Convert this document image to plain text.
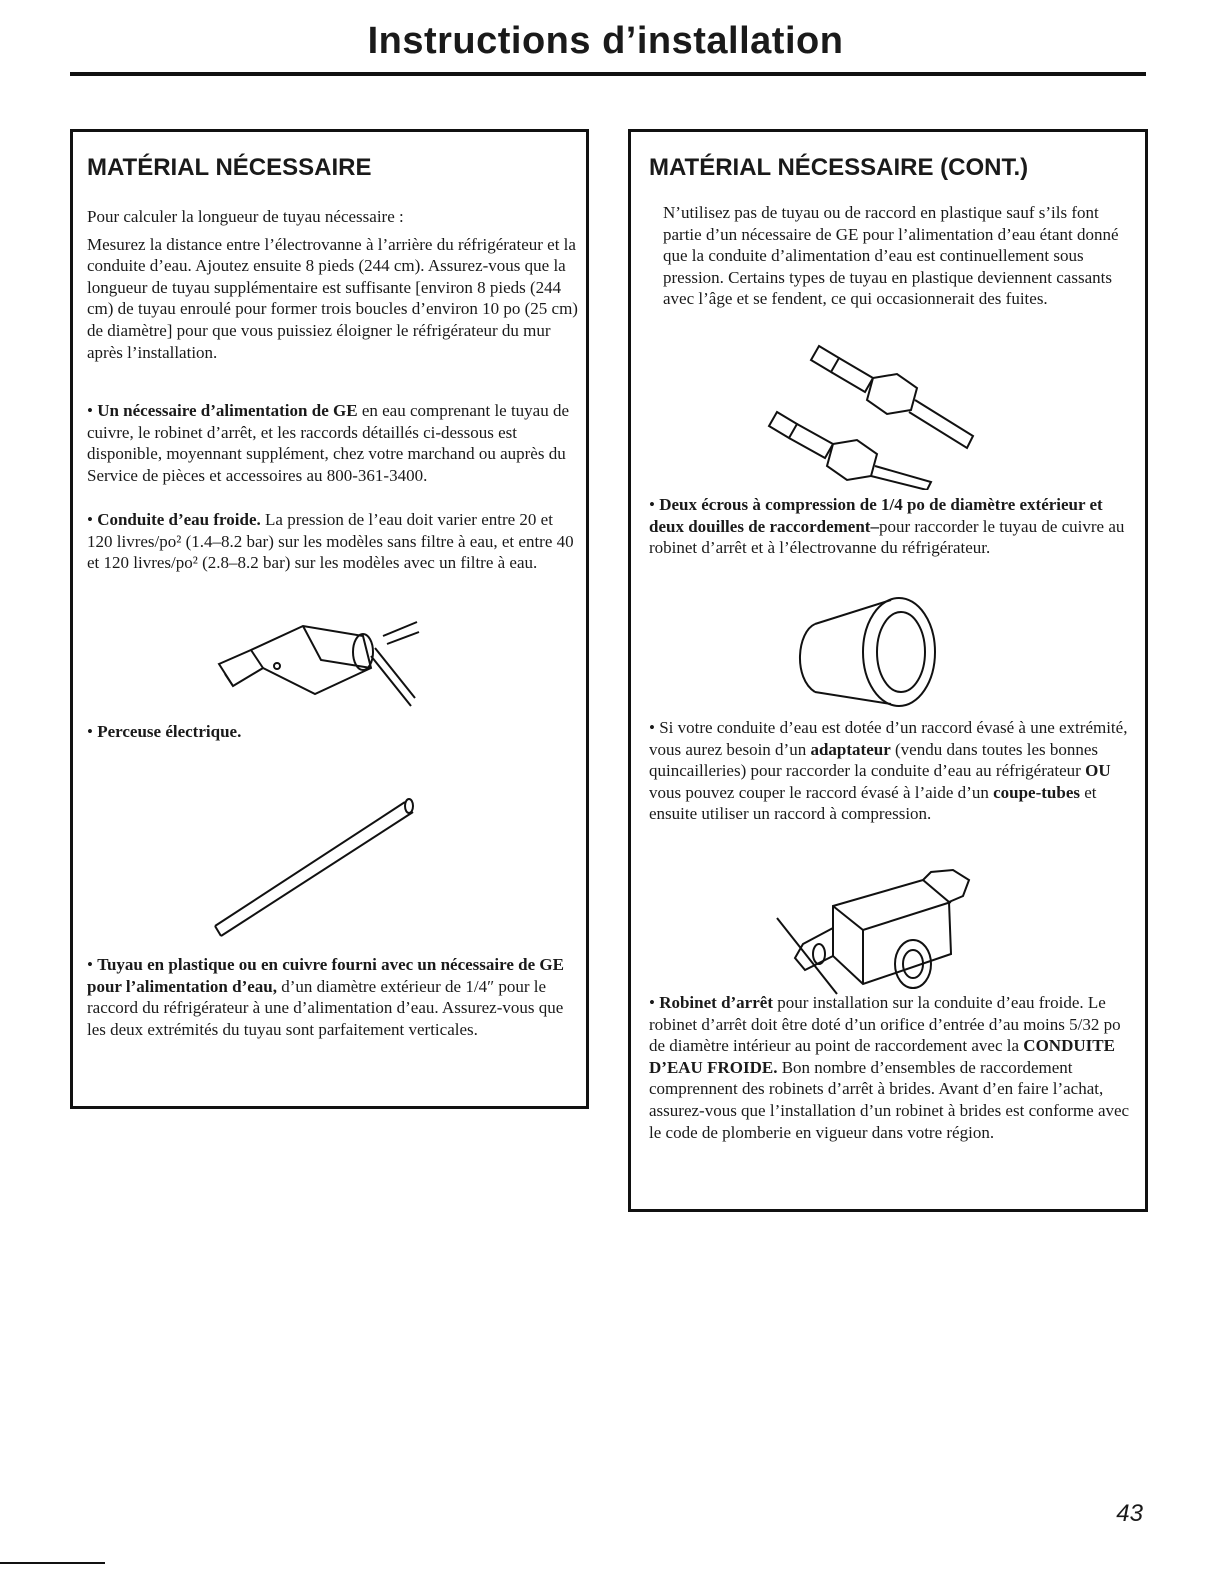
Instructions d’installation
MATÉRIAL NÉCESSAIRE

Pour calculer la longueur de tuyau nécessaire :

Mesurez la distance entre l’électrovanne à l’arrière du réfrigérateur et la conduite d’eau. Ajoutez ensuite 8 pieds (244 cm). Assurez-vous que la longueur de tuyau supplémentaire est suffisante [environ 8 pieds (244 cm) de tuyau enroulé pour former trois boucles d’environ 10 po (25 cm) de diamètre] pour que vous puissiez éloigner le réfrigérateur du mur après l’installation.

• Un nécessaire d’alimentation de GE en eau comprenant le tuyau de cuivre, le robinet d’arrêt, et les raccords détaillés ci-dessous est disponible, moyennant supplément, chez votre marchand ou auprès du Service de pièces et accessoires au 800-361-3400.

• Conduite d’eau froide. La pression de l’eau doit varier entre 20 et 120 livres/po² (1.4–8.2 bar) sur les modèles sans filtre à eau, et entre 40 et 120 livres/po² (2.8–8.2 bar) sur les modèles avec un filtre à eau.

• Perceuse électrique.

• Tuyau en plastique ou en cuivre fourni avec un nécessaire de GE pour l’alimentation d’eau, d’un diamètre extérieur de 1/4″ pour le raccord du réfrigérateur à une d’alimentation d’eau. Assurez-vous que les deux extrémités du tuyau sont parfaitement verticales.

MATÉRIAL NÉCESSAIRE (CONT.)

N’utilisez pas de tuyau ou de raccord en plastique sauf s’ils font partie d’un nécessaire de GE pour l’alimentation d’eau étant donné que la conduite d’alimentation d’eau est continuellement sous pression. Certains types de tuyau en plastique deviennent cassants avec l’âge et se fendent, ce qui occasionnerait des fuites.

• Deux écrous à compression de 1/4 po de diamètre extérieur et deux douilles de raccordement–pour raccorder le tuyau de cuivre au robinet d’arrêt et à l’électrovanne du réfrigérateur.

• Si votre conduite d’eau est dotée d’un raccord évasé à une extrémité, vous aurez besoin d’un adaptateur (vendu dans toutes les bonnes quincailleries) pour raccorder la conduite d’eau au réfrigérateur OU vous pouvez couper le raccord évasé à l’aide d’un coupe-tubes et ensuite utiliser un raccord à compression.

• Robinet d’arrêt pour installation sur la conduite d’eau froide. Le robinet d’arrêt doit être doté d’un orifice d’entrée d’au moins 5/32 po de diamètre intérieur au point de raccordement avec la CONDUITE D’EAU FROIDE. Bon nombre d’ensembles de raccordement comprennent des robinets d’arrêt à brides. Avant d’en faire l’achat, assurez-vous que l’installation d’un robinet à brides est conforme avec le code de plomberie en vigueur dans votre région.

43
